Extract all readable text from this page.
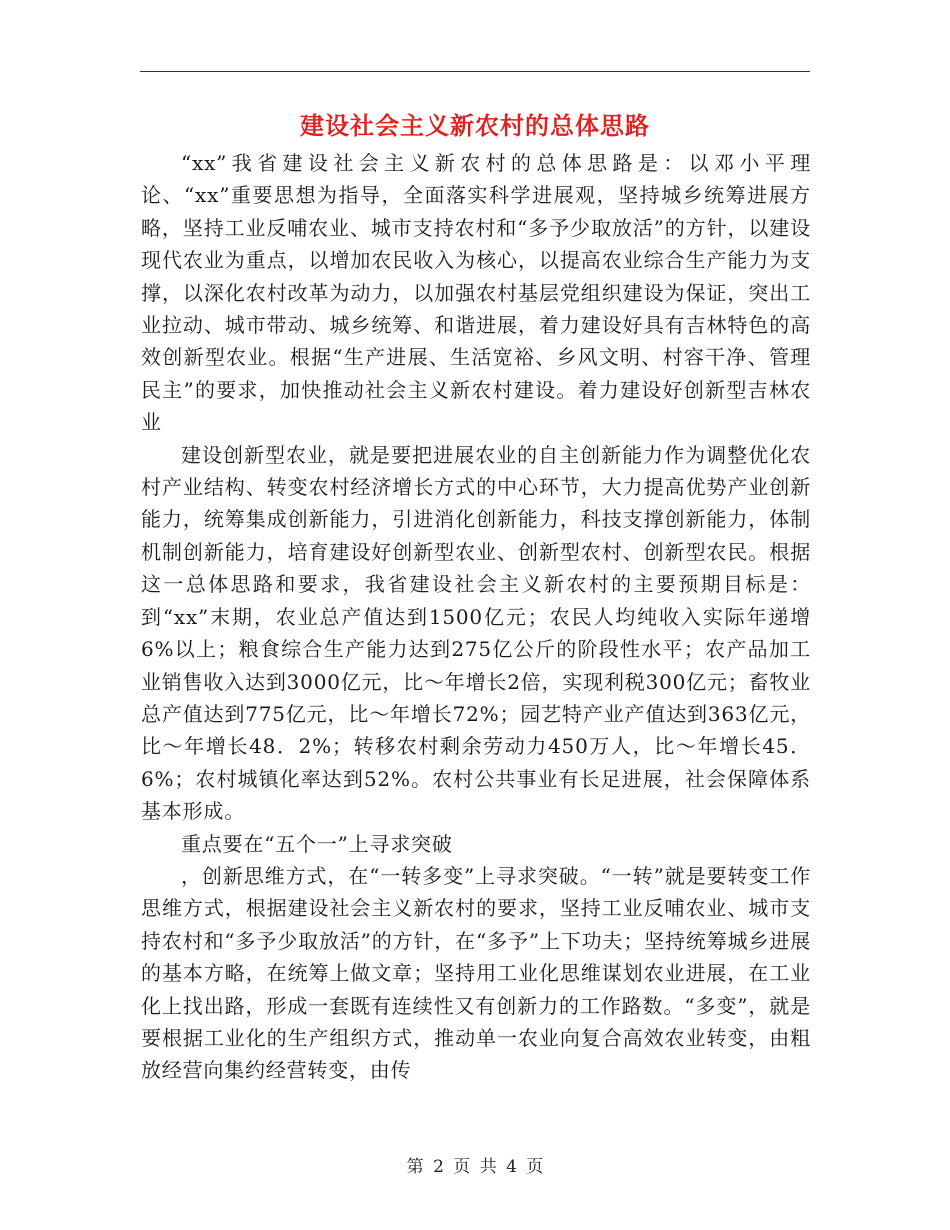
建设社会主义新农村的总体思路

“xx”我省建设社会主义新农村的总体思路是：以邓小平理论、“xx”重要思想为指导，全面落实科学进展观，坚持城乡统筹进展方略，坚持工业反哺农业、城市支持农村和“多予少取放活”的方针，以建设现代农业为重点，以增加农民收入为核心，以提高农业综合生产能力为支撑，以深化农村改革为动力，以加强农村基层党组织建设为保证，突出工业拉动、城市带动、城乡统筹、和谐进展，着力建设好具有吉林特色的高效创新型农业。根据“生产进展、生活宽裕、乡风文明、村容干净、管理民主”的要求，加快推动社会主义新农村建设。着力建设好创新型吉林农业

建设创新型农业，就是要把进展农业的自主创新能力作为调整优化农村产业结构、转变农村经济增长方式的中心环节，大力提高优势产业创新能力，统筹集成创新能力，引进消化创新能力，科技支撑创新能力，体制机制创新能力，培育建设好创新型农业、创新型农村、创新型农民。根据这一总体思路和要求，我省建设社会主义新农村的主要预期目标是：到“xx”末期，农业总产值达到1500亿元；农民人均纯收入实际年递增6%以上；粮食综合生产能力达到275亿公斤的阶段性水平；农产品加工业销售收入达到3000亿元，比～年增长2倍，实现利税300亿元；畜牧业总产值达到775亿元，比～年增长72%；园艺特产业产值达到363亿元，比～年增长48．2%；转移农村剩余劳动力450万人，比～年增长45．6%；农村城镇化率达到52%。农村公共事业有长足进展，社会保障体系基本形成。

重点要在“五个一”上寻求突破

，创新思维方式，在“一转多变”上寻求突破。“一转”就是要转变工作思维方式，根据建设社会主义新农村的要求，坚持工业反哺农业、城市支持农村和“多予少取放活”的方针，在“多予”上下功夫；坚持统筹城乡进展的基本方略，在统筹上做文章；坚持用工业化思维谋划农业进展，在工业化上找出路，形成一套既有连续性又有创新力的工作路数。“多变”，就是要根据工业化的生产组织方式，推动单一农业向复合高效农业转变，由粗放经营向集约经营转变，由传

第 2 页 共 4 页
